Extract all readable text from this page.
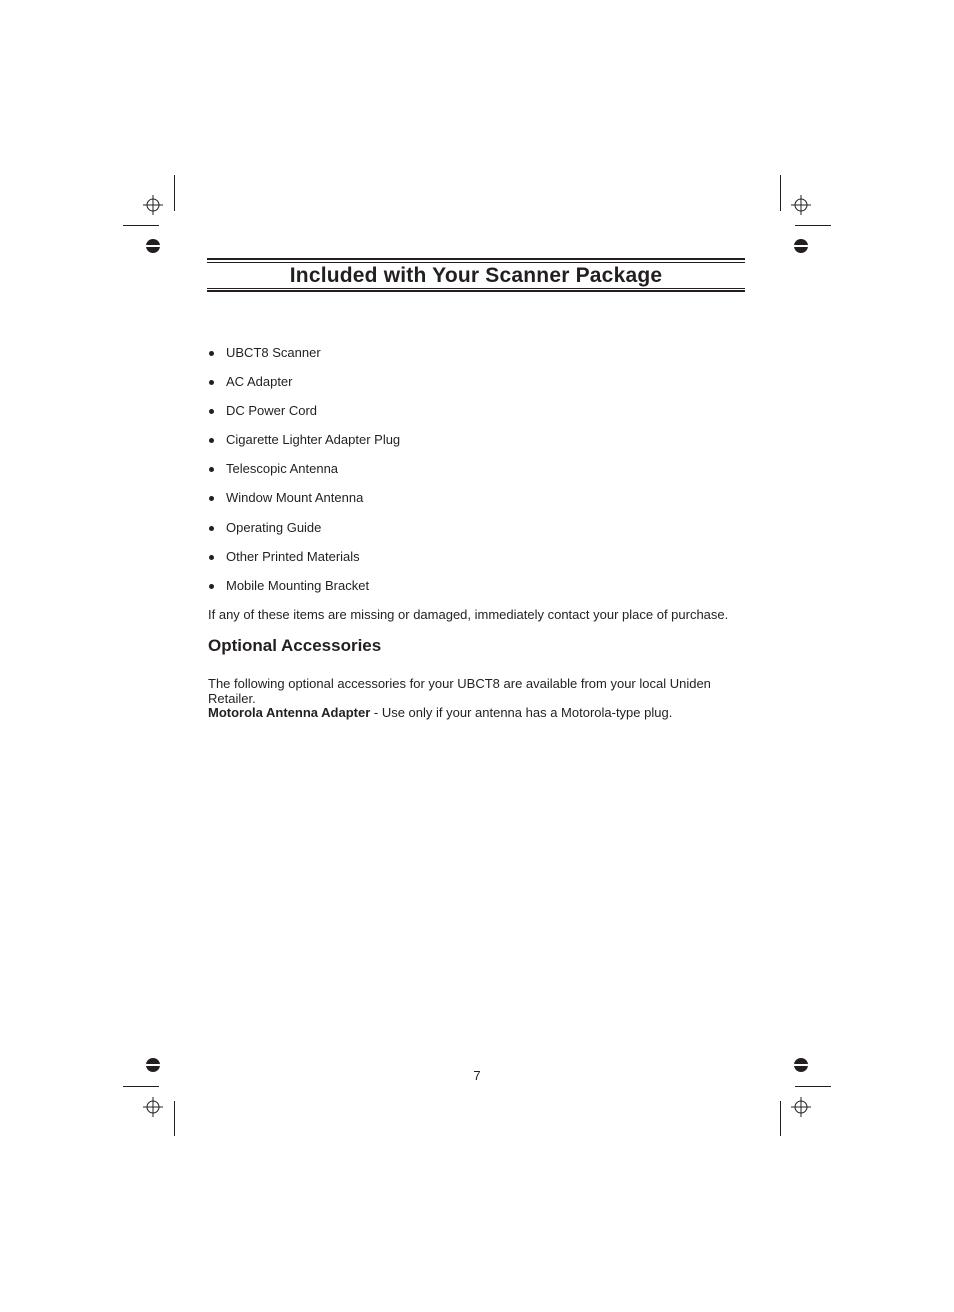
Included with Your Scanner Package
UBCT8 Scanner
AC Adapter
DC Power Cord
Cigarette Lighter Adapter Plug
Telescopic Antenna
Window Mount Antenna
Operating Guide
Other Printed Materials
Mobile Mounting Bracket

If any of these items are missing or damaged, immediately contact your place of purchase.

Optional Accessories

The following optional accessories for your UBCT8 are available from your local Uniden Retailer.

Motorola Antenna Adapter - Use only if your antenna has a Motorola-type plug.

7
